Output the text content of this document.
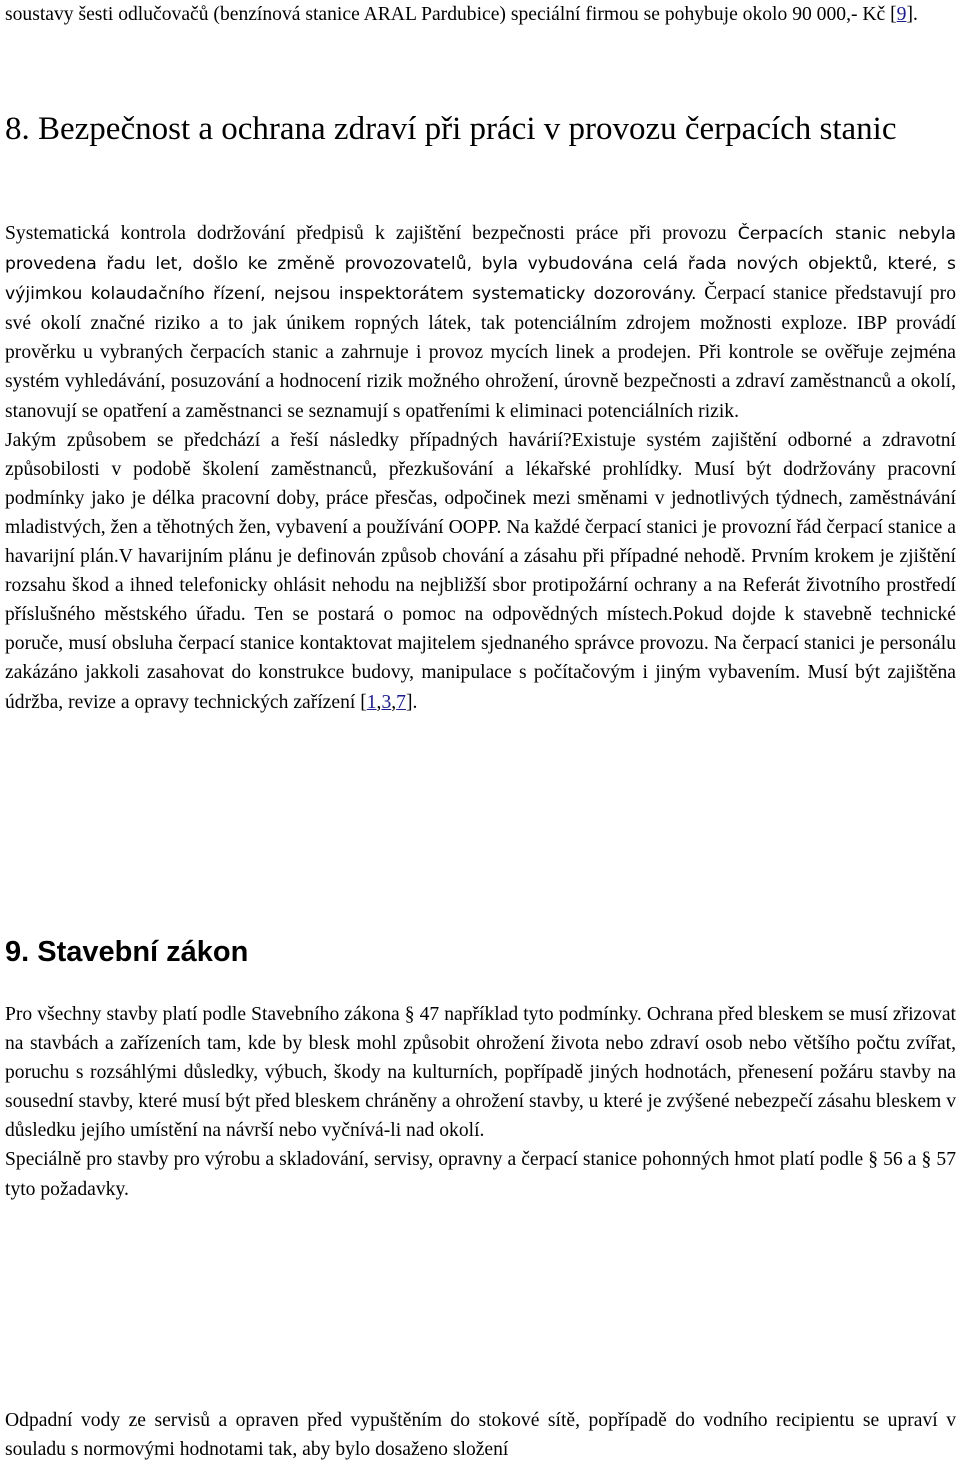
soustavy šesti odlučovačů (benzínová stanice ARAL Pardubice) speciální firmou se pohybuje okolo 90 000,- Kč [9].

8. Bezpečnost a ochrana zdraví při práci v provozu čerpacích stanic

Systematická kontrola dodržování předpisů k zajištění bezpečnosti práce při provozu Čerpacích stanic nebyla provedena řadu let, došlo ke změně provozovatelů, byla vybudována celá řada nových objektů, které, s výjimkou kolaudačního řízení, nejsou inspektorátem systematicky dozorovány. Čerpací stanice představují pro své okolí značné riziko a to jak únikem ropných látek, tak potenciálním zdrojem možnosti exploze. IBP provádí prověrku u vybraných čerpacích stanic a zahrnuje i provoz mycích linek a prodejen. Při kontrole se ověřuje zejména systém vyhledávání, posuzování a hodnocení rizik možného ohrožení, úrovně bezpečnosti a zdraví zaměstnanců a okolí, stanovují se opatření a zaměstnanci se seznamují s opatřeními k eliminaci potenciálních rizik.

Jakým způsobem se předchází a řeší následky případných havárií?Existuje systém zajištění odborné a zdravotní způsobilosti v podobě školení zaměstnanců, přezkušování a lékařské prohlídky. Musí být dodržovány pracovní podmínky jako je délka pracovní doby, práce přesčas, odpočinek mezi směnami v jednotlivých týdnech, zaměstnávání mladistvých, žen a těhotných žen, vybavení a používání OOPP. Na každé čerpací stanici je provozní řád čerpací stanice a havarijní plán.V havarijním plánu je definován způsob chování a zásahu při případné nehodě. Prvním krokem je zjištění rozsahu škod a ihned telefonicky ohlásit nehodu na nejbližší sbor protipožární ochrany a na Referát životního prostředí příslušného městského úřadu. Ten se postará o pomoc na odpovědných místech.Pokud dojde k stavebně technické poruče, musí obsluha čerpací stanice kontaktovat majitelem sjednaného správce provozu. Na čerpací stanici je personálu zakázáno jakkoli zasahovat do konstrukce budovy, manipulace s počítačovým i jiným vybavením. Musí být zajištěna údržba, revize a opravy technických zařízení [1,3,7].

9. Stavební zákon

Pro všechny stavby platí podle Stavebního zákona § 47 například tyto podmínky. Ochrana před bleskem se musí zřizovat na stavbách a zařízeních tam, kde by blesk mohl způsobit ohrožení života nebo zdraví osob nebo většího počtu zvířat, poruchu s rozsáhlými důsledky, výbuch, škody na kulturních, popřípadě jiných hodnotách, přenesení požáru stavby na sousední stavby, které musí být před bleskem chráněny a ohrožení stavby, u které je zvýšené nebezpečí zásahu bleskem v důsledku jejího umístění na návrší nebo vyčnívá-li nad okolí.

Speciálně pro stavby pro výrobu a skladování, servisy, opravny a čerpací stanice pohonných hmot platí podle § 56 a § 57 tyto požadavky.

Odpadní vody ze servisů a opraven před vypuštěním do stokové sítě, popřípadě do vodního recipientu se upraví v souladu s normovými hodnotami tak, aby bylo dosaženo složení
